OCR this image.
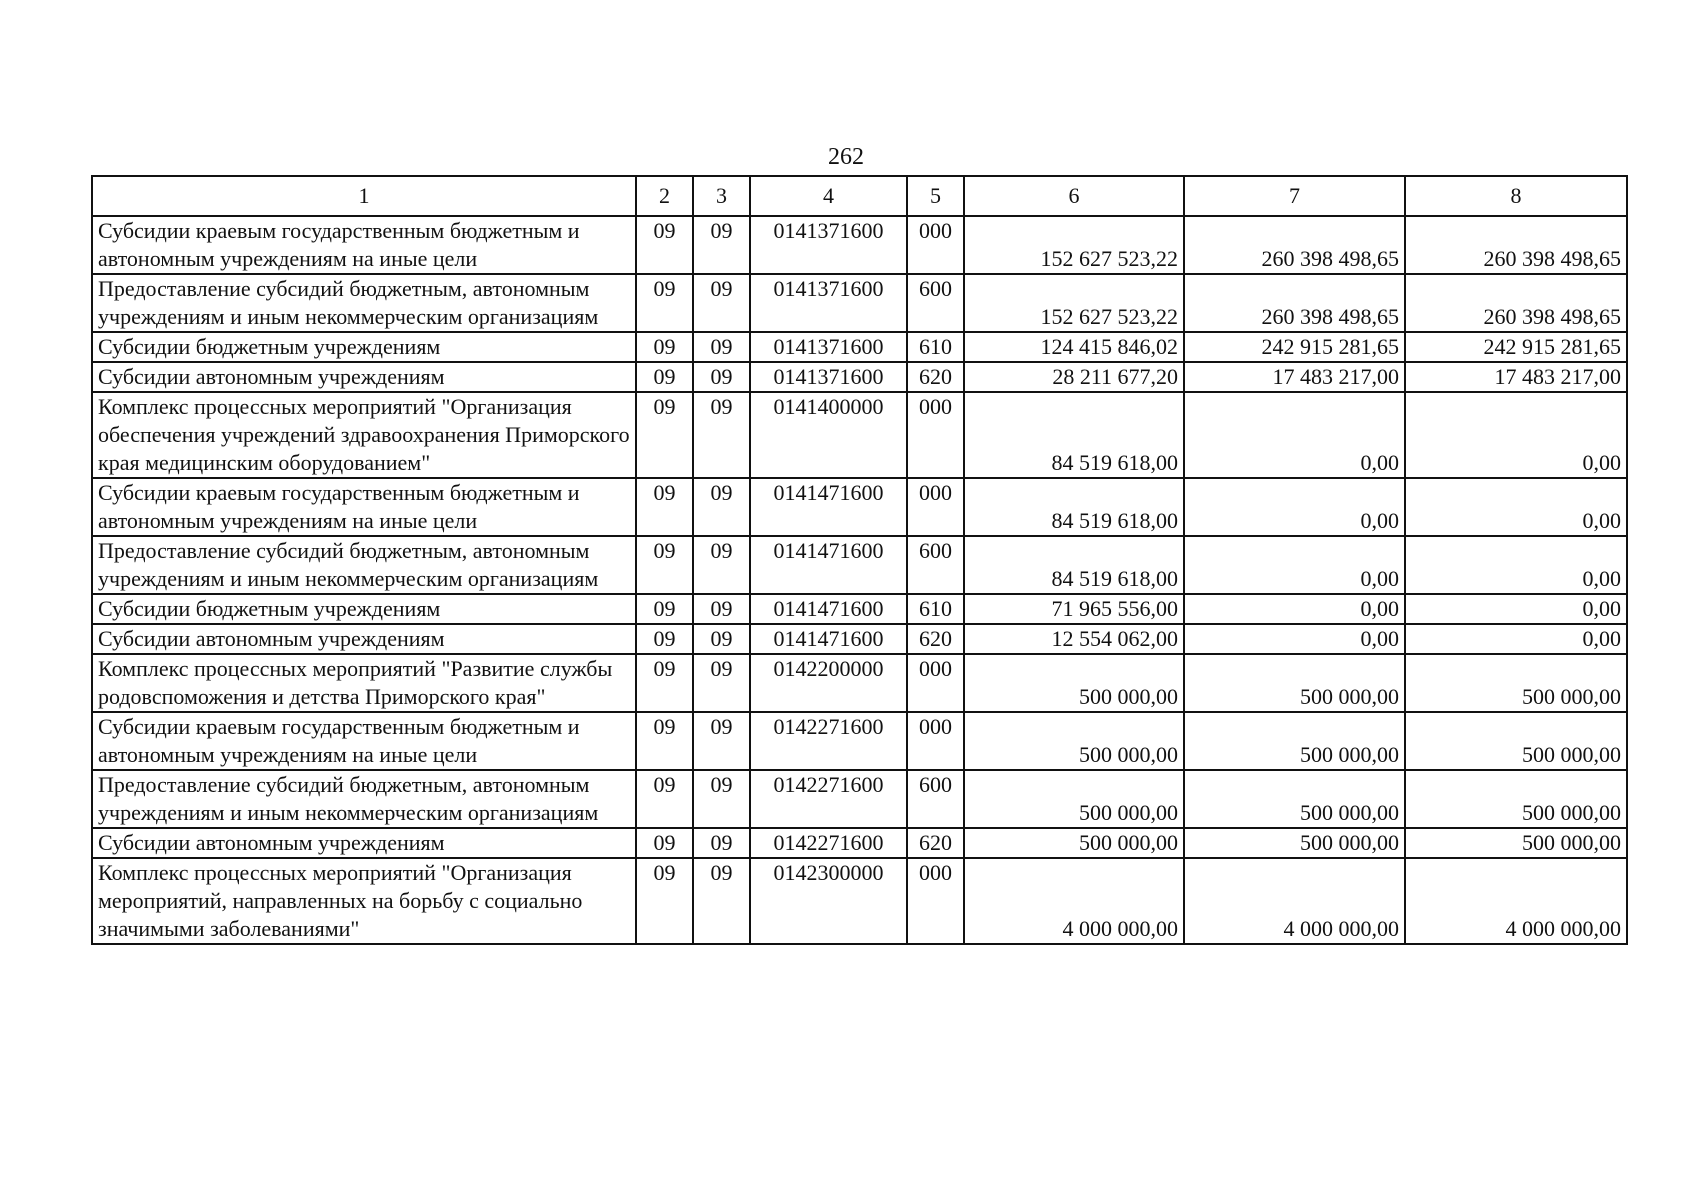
262
1	2	3	4	5	6	7	8
Субсидии краевым государственным бюджетным и автономным учреждениям на иные цели	09	09	0141371600	000	152 627 523,22	260 398 498,65	260 398 498,65
Предоставление субсидий бюджетным, автономным учреждениям и иным некоммерческим организациям	09	09	0141371600	600	152 627 523,22	260 398 498,65	260 398 498,65
Субсидии бюджетным учреждениям	09	09	0141371600	610	124 415 846,02	242 915 281,65	242 915 281,65
Субсидии автономным учреждениям	09	09	0141371600	620	28 211 677,20	17 483 217,00	17 483 217,00
Комплекс процессных мероприятий "Организация обеспечения учреждений здравоохранения Приморского края медицинским оборудованием"	09	09	0141400000	000	84 519 618,00	0,00	0,00
Субсидии краевым государственным бюджетным и автономным учреждениям на иные цели	09	09	0141471600	000	84 519 618,00	0,00	0,00
Предоставление субсидий бюджетным, автономным учреждениям и иным некоммерческим организациям	09	09	0141471600	600	84 519 618,00	0,00	0,00
Субсидии бюджетным учреждениям	09	09	0141471600	610	71 965 556,00	0,00	0,00
Субсидии автономным учреждениям	09	09	0141471600	620	12 554 062,00	0,00	0,00
Комплекс процессных мероприятий "Развитие службы родовспоможения и детства Приморского края"	09	09	0142200000	000	500 000,00	500 000,00	500 000,00
Субсидии краевым государственным бюджетным и автономным учреждениям на иные цели	09	09	0142271600	000	500 000,00	500 000,00	500 000,00
Предоставление субсидий бюджетным, автономным учреждениям и иным некоммерческим организациям	09	09	0142271600	600	500 000,00	500 000,00	500 000,00
Субсидии автономным учреждениям	09	09	0142271600	620	500 000,00	500 000,00	500 000,00
Комплекс процессных мероприятий "Организация мероприятий, направленных на борьбу с социально значимыми заболеваниями"	09	09	0142300000	000	4 000 000,00	4 000 000,00	4 000 000,00
